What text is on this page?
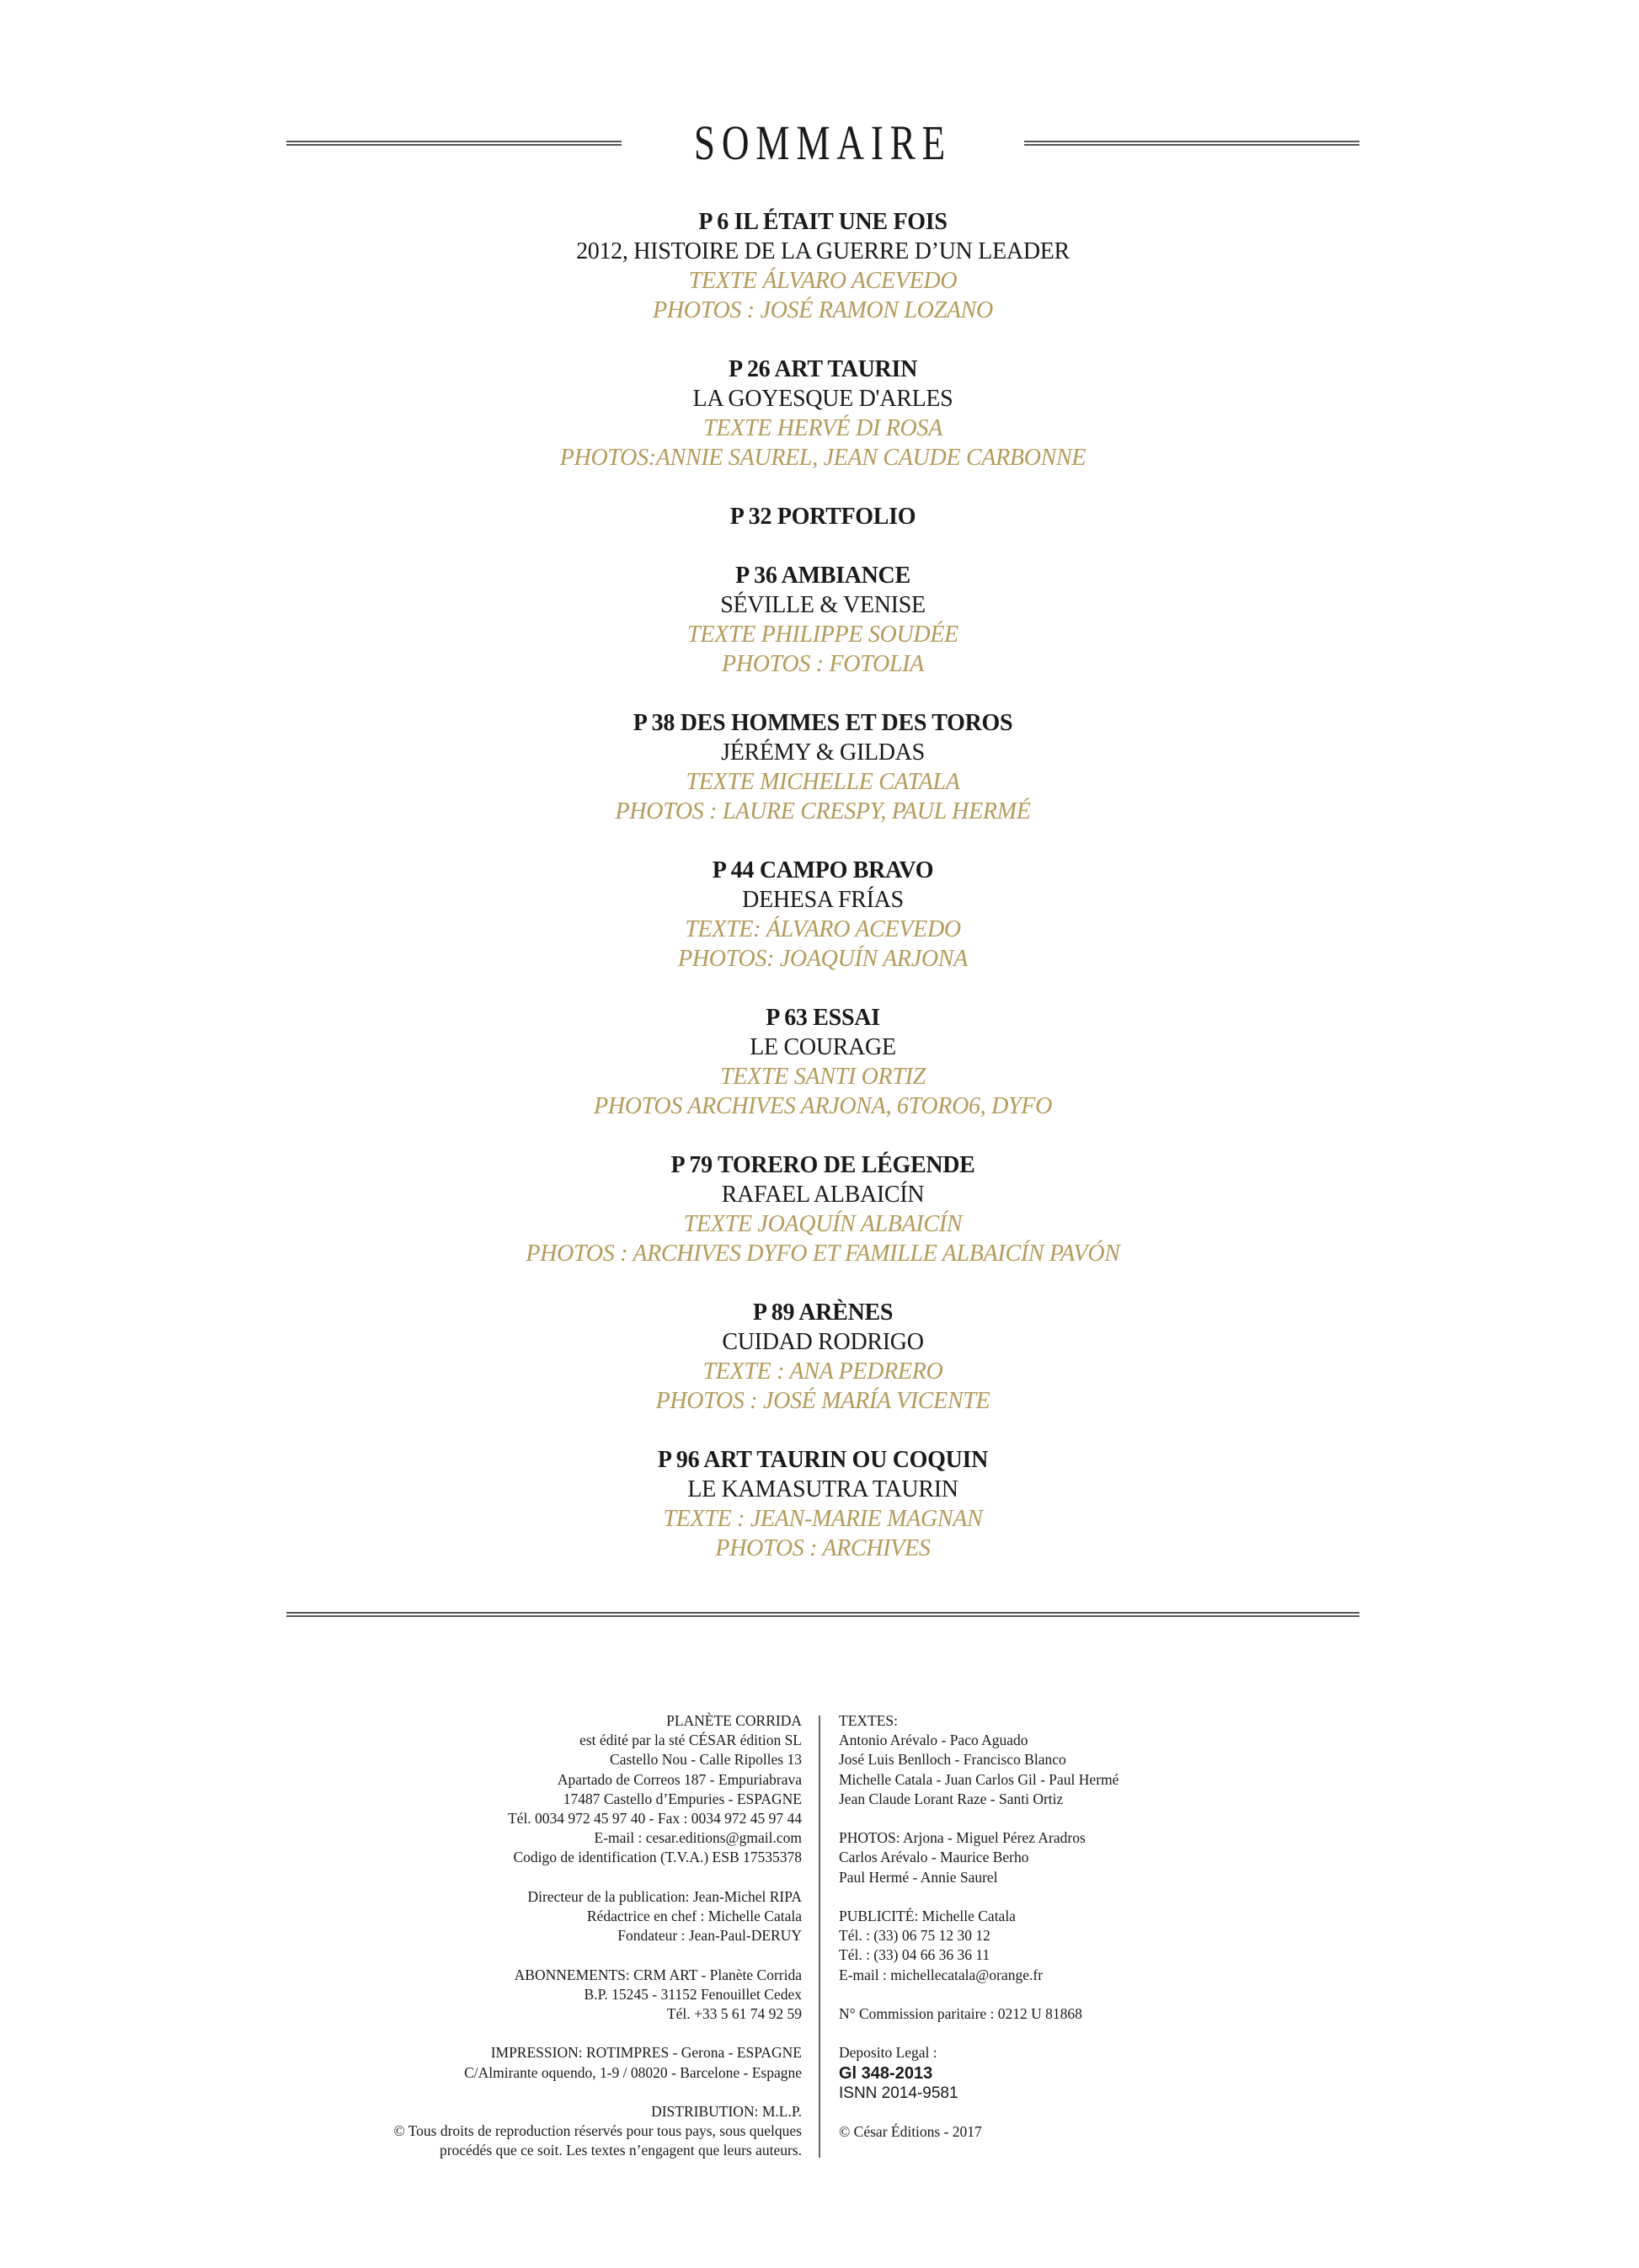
SOMMAIRE
P 6 IL ÉTAIT UNE FOIS
2012, HISTOIRE DE LA GUERRE D’UN LEADER
TEXTE ÁLVARO ACEVEDO
PHOTOS : JOSÉ RAMON LOZANO
P 26 ART TAURIN
LA GOYESQUE D'ARLES
TEXTE HERVÉ DI ROSA
PHOTOS:ANNIE SAUREL, JEAN CAUDE CARBONNE
P 32 PORTFOLIO
P 36 AMBIANCE
SÉVILLE & VENISE
TEXTE PHILIPPE SOUDÉE
PHOTOS : FOTOLIA
P 38 DES HOMMES ET DES TOROS
JÉRÉMY & GILDAS
TEXTE MICHELLE CATALA
PHOTOS : LAURE CRESPY, PAUL HERMÉ
P 44 CAMPO BRAVO
DEHESA FRÍAS
TEXTE: ÁLVARO ACEVEDO
PHOTOS: JOAQUÍN ARJONA
P 63 ESSAI
LE COURAGE
TEXTE SANTI ORTIZ
PHOTOS ARCHIVES ARJONA, 6TORO6, DYFO
P 79 TORERO DE LÉGENDE
RAFAEL ALBAICÍN
TEXTE JOAQUÍN ALBAICÍN
PHOTOS : ARCHIVES DYFO ET FAMILLE ALBAICÍN PAVÓN
P 89 ARÈNES
CUIDAD RODRIGO
TEXTE : ANA PEDRERO
PHOTOS : JOSÉ MARÍA VICENTE
P 96 ART TAURIN OU COQUIN
LE KAMASUTRA TAURIN
TEXTE : JEAN-MARIE MAGNAN
PHOTOS : ARCHIVES
PLANÈTE CORRIDA
est édité par la sté CÉSAR édition SL
Castello Nou - Calle Ripolles 13
Apartado de Correos 187 - Empuriabrava
17487 Castello d’Empuries - ESPAGNE
Tél. 0034 972 45 97 40 - Fax : 0034 972 45 97 44
E-mail : cesar.editions@gmail.com
Codigo de identification (T.V.A.) ESB 17535378
Directeur de la publication: Jean-Michel RIPA
Rédactrice en chef : Michelle Catala
Fondateur : Jean-Paul-DERUY
ABONNEMENTS: CRM ART - Planète Corrida
B.P. 15245 - 31152 Fenouillet Cedex
Tél. +33 5 61 74 92 59
IMPRESSION: ROTIMPRES - Gerona - ESPAGNE
C/Almirante oquendo, 1-9 / 08020 - Barcelone - Espagne
DISTRIBUTION: M.L.P.
© Tous droits de reproduction réservés pour tous pays, sous quelques
procédés que ce soit. Les textes n’engagent que leurs auteurs.
TEXTES:
Antonio Arévalo - Paco Aguado
José Luis Benlloch - Francisco Blanco
Michelle Catala - Juan Carlos Gil - Paul Hermé
Jean Claude Lorant Raze - Santi Ortiz
PHOTOS: Arjona - Miguel Pérez Aradros
Carlos Arévalo - Maurice Berho
Paul Hermé - Annie Saurel
PUBLICITÉ: Michelle Catala
Tél. : (33) 06 75 12 30 12
Tél. : (33) 04 66 36 36 11
E-mail : michellecatala@orange.fr
N° Commission paritaire : 0212 U 81868
Deposito Legal :
Gl 348-2013
ISNN 2014-9581
© César Éditions - 2017
